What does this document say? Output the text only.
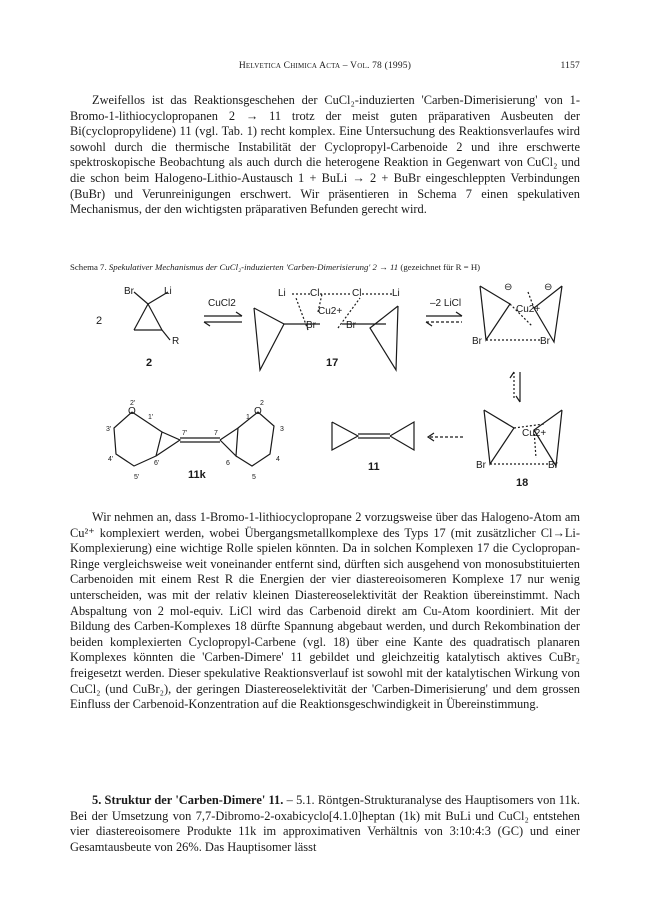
Helvetica Chimica Acta – Vol. 78 (1995)	1157

Zweifellos ist das Reaktionsgeschehen der CuCl₂-induzierten 'Carben-Dimerisierung' von 1-Bromo-1-lithiocyclopropanen 2 → 11 trotz der meist guten präparativen Ausbeuten der Bi(cyclopropylidene) 11 (vgl. Tab. 1) recht komplex. Eine Untersuchung des Reaktionsverlaufes wird sowohl durch die thermische Instabilität der Cyclopropyl-Carbenoide 2 und ihre erschwerte spektroskopische Beobachtung als auch durch die heterogene Reaktion in Gegenwart von CuCl₂ und die schon beim Halogeno-Lithio-Austausch 1 + BuLi → 2 + BuBr eingeschleppten Verbindungen (BuBr) und Verunreinigungen erschwert. Wir präsentieren in Schema 7 einen spekulativen Mechanismus, der den wichtigsten präparativen Befunden gerecht wird.

Schema 7. Spekulativer Mechanismus der CuCl₂-induzierten 'Carben-Dimerisierung' 2 → 11 (gezeichnet für R = H)
Br	Li
R
2
CuCl2
2
Li Cl	Cl	Li
Cu2+
Br	Br
17
–2 LiCl
⊖	⊖
Cu2+
Br	Br
Cu2+
Br	Br
18
11
11k
O	O
2'
1'
3'
7'	7
1
2
3
4'
6'	6
4
5'	5

Wir nehmen an, dass 1-Bromo-1-lithiocyclopropane 2 vorzugsweise über das Halogeno-Atom am Cu²⁺ komplexiert werden, wobei Übergangsmetallkomplexe des Typs 17 (mit zusätzlicher Cl→Li-Komplexierung) eine wichtige Rolle spielen könnten. Da in solchen Komplexen 17 die Cyclopropan-Ringe vergleichsweise weit voneinander entfernt sind, dürften sich ausgehend von monosubstituierten Carbenoiden mit einem Rest R die Energien der vier diastereoisomeren Komplexe 17 nur wenig unterscheiden, was mit der relativ kleinen Diastereoselektivität der Reaktion übereinstimmt. Nach Abspaltung von 2 mol-equiv. LiCl wird das Carbenoid direkt am Cu-Atom koordiniert. Mit der Bildung des Carben-Komplexes 18 dürfte Spannung abgebaut werden, und durch Rekombination der beiden komplexierten Cyclopropyl-Carbene (vgl. 18) über eine Kante des quadratisch planaren Komplexes könnten die 'Carben-Dimere' 11 gebildet und gleichzeitig katalytisch aktives CuBr₂ freigesetzt werden. Dieser spekulative Reaktionsverlauf ist sowohl mit der katalytischen Wirkung von CuCl₂ (und CuBr₂), der geringen Diastereoselektivität der 'Carben-Dimerisierung' und dem grossen Einfluss der Carbenoid-Konzentration auf die Reaktionsgeschwindigkeit in Übereinstimmung.

5. Struktur der 'Carben-Dimere' 11. – 5.1. Röntgen-Strukturanalyse des Hauptisomers von 11k. Bei der Umsetzung von 7,7-Dibromo-2-oxabicyclo[4.1.0]heptan (1k) mit BuLi und CuCl₂ entstehen vier diastereoisomere Produkte 11k im approximativen Verhältnis von 3:10:4:3 (GC) und einer Gesamtausbeute von 26%. Das Hauptisomer lässt
